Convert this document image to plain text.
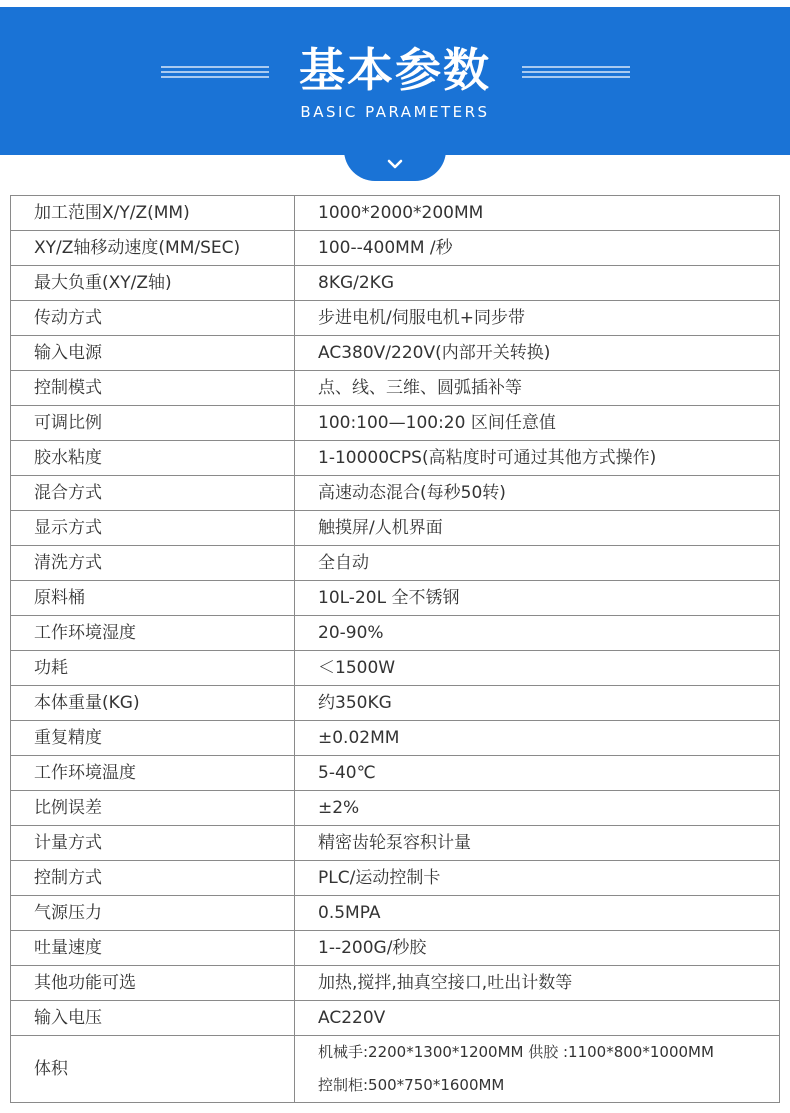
基本参数
BASIC PARAMETERS
加工范围X/Y/Z(MM)	1000*2000*200MM
XY/Z轴移动速度(MM/SEC)	100--400MM /秒
最大负重(XY/Z轴)	8KG/2KG
传动方式	步进电机/伺服电机+同步带
输入电源	AC380V/220V(内部开关转换)
控制模式	点、线、三维、圆弧插补等
可调比例	100:100—100:20 区间任意值
胶水粘度	1-10000CPS(高粘度时可通过其他方式操作)
混合方式	高速动态混合(每秒50转)
显示方式	触摸屏/人机界面
清洗方式	全自动
原料桶	10L-20L 全不锈钢
工作环境湿度	20-90%
功耗	＜1500W
本体重量(KG)	约350KG
重复精度	±0.02MM
工作环境温度	5-40℃
比例误差	±2%
计量方式	精密齿轮泵容积计量
控制方式	PLC/运动控制卡
气源压力	0.5MPA
吐量速度	1--200G/秒胶
其他功能可选	加热,搅拌,抽真空接口,吐出计数等
输入电压	AC220V
体积	机械手:2200*1300*1200MM 供胶 :1100*800*1000MM
控制柜:500*750*1600MM
